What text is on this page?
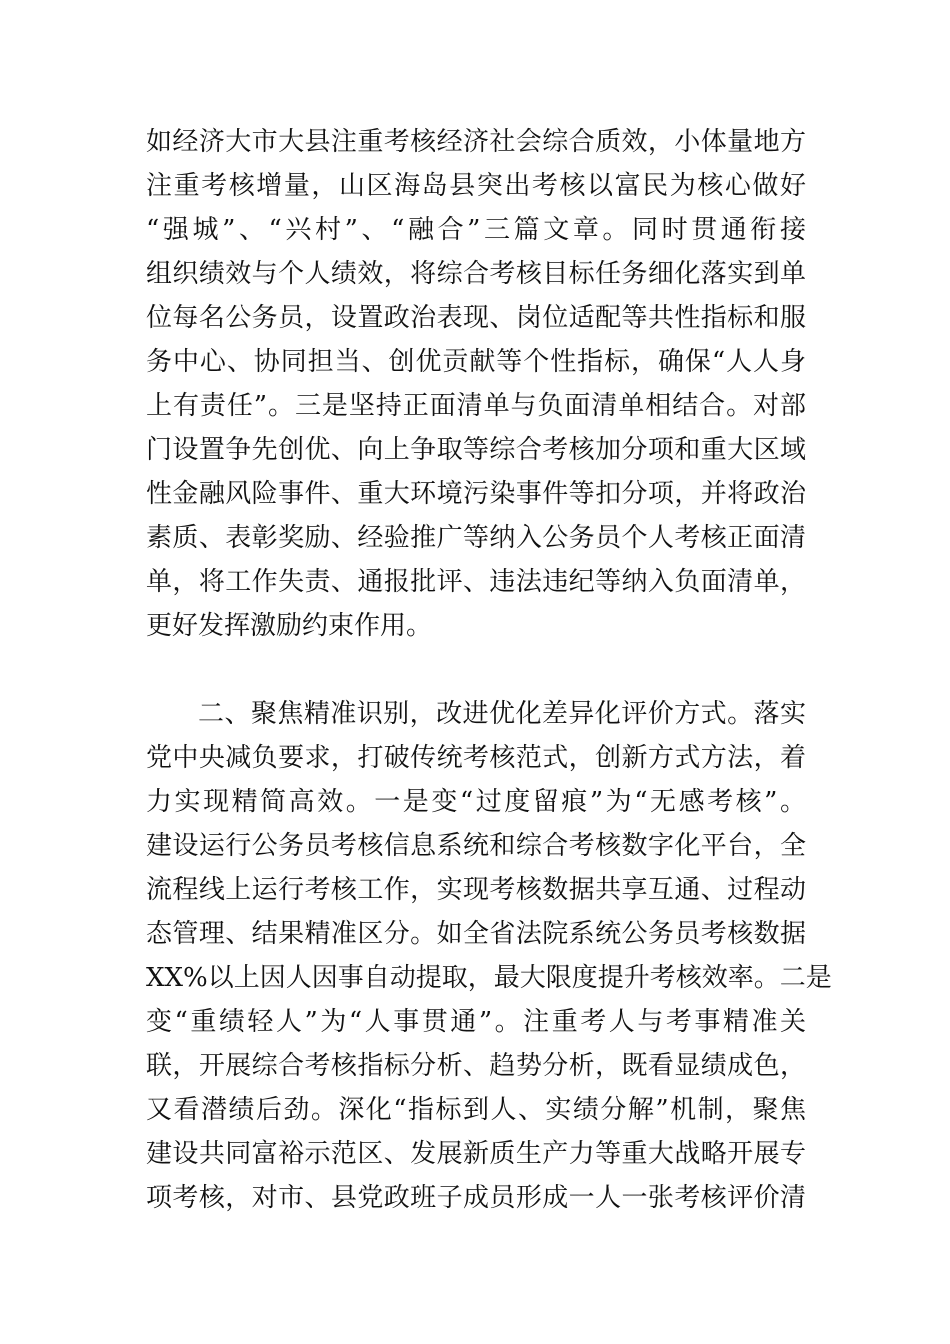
如经济大市大县注重考核经济社会综合质效，小体量地方
注重考核增量，山区海岛县突出考核以富民为核心做好
“强城”、“兴村”、“融合”三篇文章。同时贯通衔接
组织绩效与个人绩效，将综合考核目标任务细化落实到单
位每名公务员，设置政治表现、岗位适配等共性指标和服
务中心、协同担当、创优贡献等个性指标，确保“人人身
上有责任”。三是坚持正面清单与负面清单相结合。对部
门设置争先创优、向上争取等综合考核加分项和重大区域
性金融风险事件、重大环境污染事件等扣分项，并将政治
素质、表彰奖励、经验推广等纳入公务员个人考核正面清
单，将工作失责、通报批评、违法违纪等纳入负面清单，
更好发挥激励约束作用。
二、聚焦精准识别，改进优化差异化评价方式。落实
党中央减负要求，打破传统考核范式，创新方式方法，着
力实现精简高效。一是变“过度留痕”为“无感考核”。
建设运行公务员考核信息系统和综合考核数字化平台，全
流程线上运行考核工作，实现考核数据共享互通、过程动
态管理、结果精准区分。如全省法院系统公务员考核数据
XX%以上因人因事自动提取，最大限度提升考核效率。二是
变“重绩轻人”为“人事贯通”。注重考人与考事精准关
联，开展综合考核指标分析、趋势分析，既看显绩成色，
又看潜绩后劲。深化“指标到人、实绩分解”机制，聚焦
建设共同富裕示范区、发展新质生产力等重大战略开展专
项考核，对市、县党政班子成员形成一人一张考核评价清
